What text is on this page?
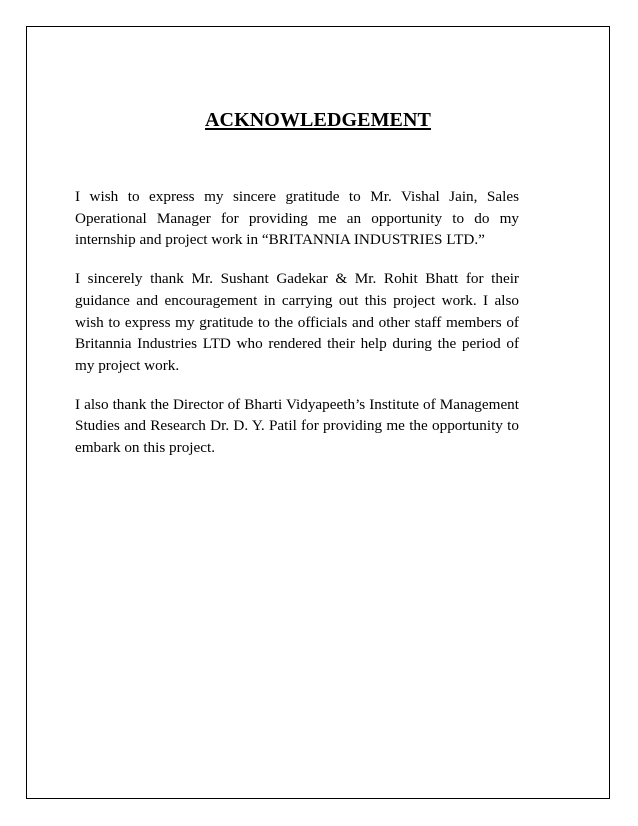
ACKNOWLEDGEMENT

I wish to express my sincere gratitude to Mr. Vishal Jain, Sales Operational Manager for providing me an opportunity to do my internship and project work in “BRITANNIA INDUSTRIES LTD.”

I sincerely thank Mr. Sushant Gadekar & Mr. Rohit Bhatt for their guidance and encouragement in carrying out this project work. I also wish to express my gratitude to the officials and other staff members of Britannia Industries LTD who rendered their help during the period of my project work.

I also thank the Director of Bharti Vidyapeeth’s Institute of Management Studies and Research Dr. D. Y. Patil for providing me the opportunity to embark on this project.
